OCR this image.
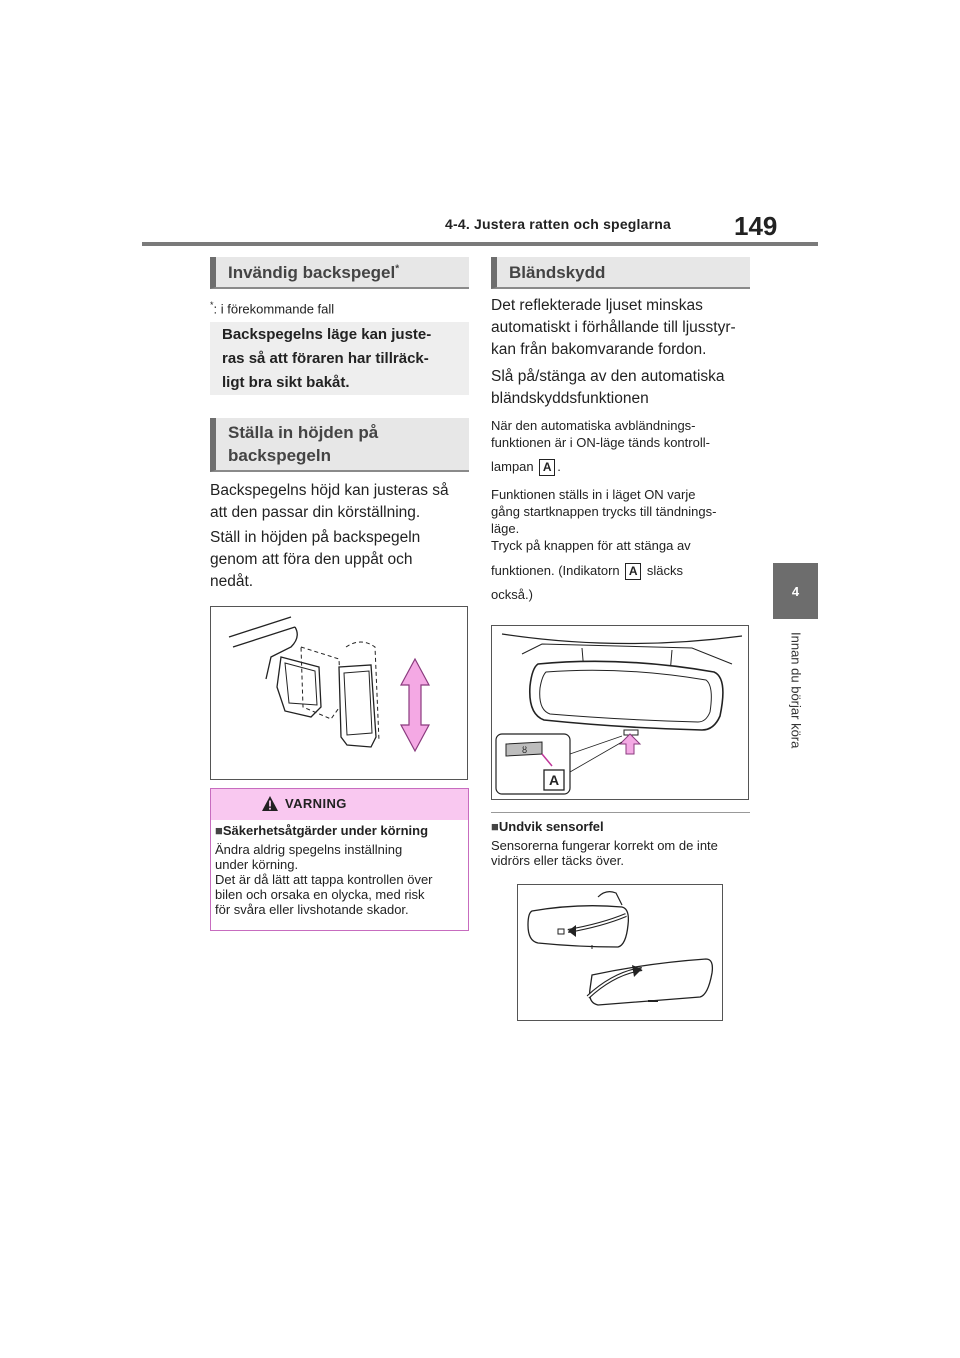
4-4. Justera ratten och speglarna 149
4
Innan du börjar köra
Invändig backspegel*
*: i förekommande fall
Backspegelns läge kan juste-
ras så att föraren har tillräck-
ligt bra sikt bakåt.
Ställa in höjden på
backspegeln
Backspegelns höjd kan justeras så
att den passar din körställning.
Ställ in höjden på backspegeln
genom att föra den uppåt och
nedåt.
VARNING
■Säkerhetsåtgärder under körning
Ändra aldrig spegelns inställning
under körning.
Det är då lätt att tappa kontrollen över
bilen och orsaka en olycka, med risk
för svåra eller livshotande skador.
Bländskydd
Det reflekterade ljuset minskas
automatiskt i förhållande till ljusstyr-
kan från bakomvarande fordon.
Slå på/stänga av den automatiska
bländskyddsfunktionen
När den automatiska avbländnings-
funktionen är i ON-läge tänds kontroll-
lampan A .
Funktionen ställs in i läget ON varje
gång startknappen trycks till tändnings-
läge.
Tryck på knappen för att stänga av
funktionen. (Indikatorn A släcks
också.)
ȣ
A
■Undvik sensorfel
Sensorerna fungerar korrekt om de inte
vidrörs eller täcks över.
